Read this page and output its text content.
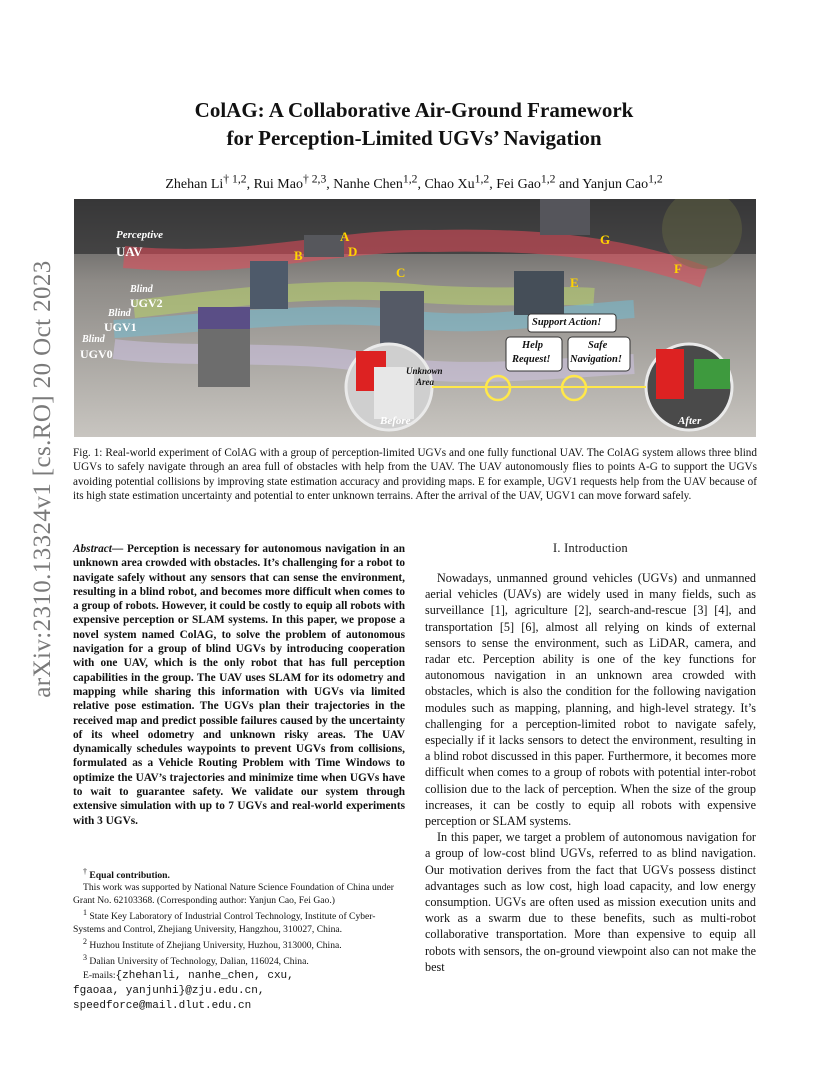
arXiv:2310.13324v1 [cs.RO] 20 Oct 2023
ColAG: A Collaborative Air-Ground Framework
for Perception-Limited UGVs’ Navigation
Zhehan Li$^{\dagger 1,2}$, Rui Mao$^{\dagger 2,3}$, Nanhe Chen$^{1,2}$, Chao Xu$^{1,2}$, Fei Gao$^{1,2}$ and Yanjun Cao$^{1,2}$
Perceptive
UAV
Blind
UGV2
Blind
UGV1
Blind
UGV0
A
B
C
D
E
F
G
Support Action!
Help
Request!
Safe
Navigation!
Unknown
Area
Before	After
Fig. 1: Real-world experiment of ColAG with a group of perception-limited UGVs and one fully functional UAV. The ColAG system allows three blind UGVs to safely navigate through an area full of obstacles with help from the UAV. The UAV autonomously flies to points A-G to support the UGVs avoiding potential collisions by improving state estimation accuracy and providing maps. E for example, UGV1 requests help from the UAV because of its high state estimation uncertainty and potential to enter unknown terrains. After the arrival of the UAV, UGV1 can move forward safely.
Abstract— Perception is necessary for autonomous navigation in an unknown area crowded with obstacles. It’s challenging for a robot to navigate safely without any sensors that can sense the environment, resulting in a blind robot, and becomes more difficult when comes to a group of robots. However, it could be costly to equip all robots with expensive perception or SLAM systems. In this paper, we propose a novel system named ColAG, to solve the problem of autonomous navigation for a group of blind UGVs by introducing cooperation with one UAV, which is the only robot that has full perception capabilities in the group. The UAV uses SLAM for its odometry and mapping while sharing this information with UGVs via limited relative pose estimation. The UGVs plan their trajectories in the received map and predict possible failures caused by the uncertainty of its wheel odometry and unknown risky areas. The UAV dynamically schedules waypoints to prevent UGVs from collisions, formulated as a Vehicle Routing Problem with Time Windows to optimize the UAV’s trajectories and minimize time when UGVs have to wait to guarantee safety. We validate our system through extensive simulation with up to 7 UGVs and real-world experiments with 3 UGVs.

† Equal contribution.

This work was supported by National Nature Science Foundation of China under Grant No. 62103368. (Corresponding author: Yanjun Cao, Fei Gao.)

$^1$ State Key Laboratory of Industrial Control Technology, Institute of Cyber-Systems and Control, Zhejiang University, Hangzhou, 310027, China.

$^2$ Huzhou Institute of Zhejiang University, Huzhou, 313000, China.

$^3$ Dalian University of Technology, Dalian, 116024, China.

E-mails:{zhehanli, nanhe_chen, cxu,

fgaoaa, yanjunhi}@zju.edu.cn,

speedforce@mail.dlut.edu.cn

I. Introduction

Nowadays, unmanned ground vehicles (UGVs) and unmanned aerial vehicles (UAVs) are widely used in many fields, such as surveillance [1], agriculture [2], search-and-rescue [3] [4], and transportation [5] [6], almost all relying on kinds of external sensors to sense the environment, such as LiDAR, camera, and radar etc. Perception ability is one of the key functions for autonomous navigation in an unknown area crowded with obstacles, which is also the condition for the following navigation modules such as mapping, planning, and high-level strategy. It’s challenging for a perception-limited robot to navigate safely, especially if it lacks sensors to detect the environment, resulting in a blind robot discussed in this paper. Furthermore, it becomes more difficult when comes to a group of robots with potential inter-robot collision due to the lack of perception. When the size of the group increases, it can be costly to equip all robots with expensive perception or SLAM systems.

In this paper, we target a problem of autonomous navigation for a group of low-cost blind UGVs, referred to as blind navigation. Our motivation derives from the fact that UGVs possess distinct advantages such as low cost, high load capacity, and low energy consumption. UGVs are often used as mission execution units and work as a swarm due to these benefits, such as multi-robot collaborative transportation. More than expensive to equip all robots with sensors, the on-ground viewpoint also can not make the best
